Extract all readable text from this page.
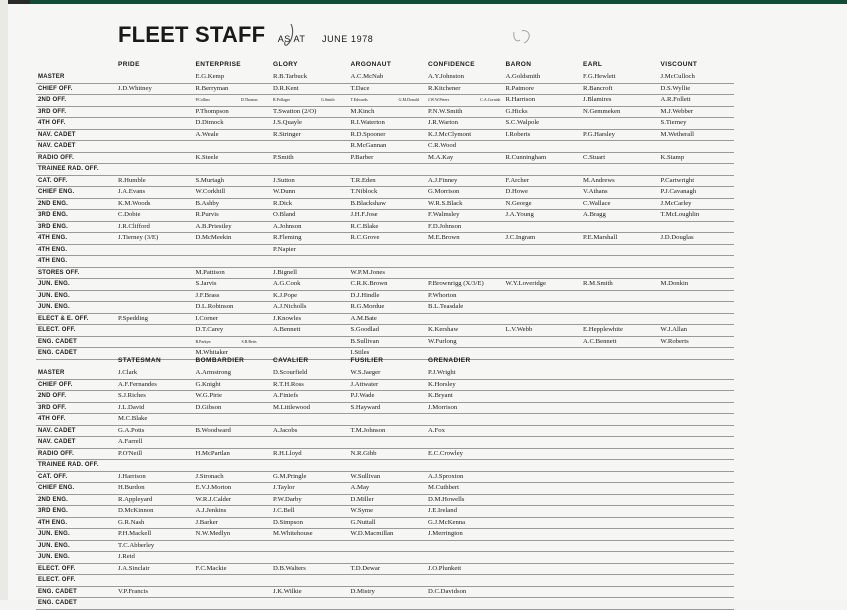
FLEET STAFF AS AT JUNE 1978
	PRIDE	ENTERPRISE	GLORY	ARGONAUT	CONFIDENCE	BARON	EARL	VISCOUNT
MASTER		E.G.Kemp	R.B.Tarbuck	A.C.McNab	A.Y.Johnston	A.Goldsmith	F.G.Hewlett	J.McCulloch
CHIEF OFF.	J.D.Whitney	R.Berryman	D.R.Kent	T.Dace	R.Kitchener	R.Patmore	R.Bancroft	D.S.Wyllie
2ND OFF.		P.Collins D.Thomas	R.Pollager G.Smith	T.Edwards G.M.Donald	J.W.W.Peters C.A.Cornish	R.Harrison	J.Blamires	A.R.Follett
3RD OFF.		P.Thompson	T.Swatton (2/O)	M.Kinch	P.N.W.Smith	G.Hicks	N.Gemmeken	M.J.Webber
4TH OFF.		D.Dimock	J.S.Quayle	R.I.Waterton	J.R.Warton	S.C.Walpole		S.Tierney
NAV. CADET		A.Weale	R.Stringer	R.D.Spooner	K.J.McClymont	I.Roberts	P.G.Harsley	M.Wetherall
NAV. CADET				R.McGannan	C.R.Wood			
RADIO OFF.		K.Steele	P.Smith	P.Barber	M.A.Kay	R.Cunningham	C.Stuart	K.Stamp
TRAINEE RAD. OFF.								
CAT. OFF.	R.Humble	S.Murtagh	J.Sutton	T.R.Eden	A.J.Finney	F.Archer	M.Andrews	P.Cartwright
CHIEF ENG.	J.A.Evans	W.Corkhill	W.Dunn	T.Niblock	G.Morrison	D.Howe	V.Athans	P.J.Cavanagh
2ND ENG.	K.M.Woods	B.Ashby	R.Dick	B.Blackshaw	W.R.S.Black	N.George	C.Wallace	J.McCarley
3RD ENG.	C.Dobie	R.Purvis	O.Bland	J.H.F.Jose	F.Walmsley	J.A.Young	A.Bragg	T.McLoughlin
3RD ENG.	J.R.Clifford	A.B.Priestley	A.Johnson	R.C.Blake	F.D.Johnson			
4TH ENG.	J.Tierney (3/E)	D.McMeekin	R.Fleming	R.C.Grove	M.E.Brown	J.C.Ingram	P.E.Marshall	J.D.Douglas
4TH ENG.			P.Napier					
4TH ENG.								
STORES OFF.		M.Pattison	J.Bignell	W.P.M.Jones				
JUN. ENG.		S.Jarvis	A.G.Cook	C.R.K.Brown	P.Brownrigg (X/3/E)	W.Y.Loveridge	R.M.Smith	M.Donkin
JUN. ENG.		J.F.Brass	K.J.Pope	D.J.Hindle	P.Whorton			
JUN. ENG.		D.L.Robinson	A.J.Nicholls	R.G.Mordue	B.L.Teasdale			
ELECT & E. OFF.	P.Spedding	I.Corner	J.Knowles	A.M.Bate				
ELECT. OFF.		D.T.Carey	A.Bennett	S.Goodlad	K.Kershaw	L.V.Webb	E.Hepplewhite	W.J.Allan
ENG. CADET		R.Parkyn S.R.Betts		B.Sullivan	W.Furlong		A.C.Bennett	W.Roberts
ENG. CADET		M.Whitaker		I.Stiles				
	STATESMAN	BOMBARDIER	CAVALIER	FUSILIER	GRENADIER			
MASTER	J.Clark	A.Armstrong	D.Scourfield	W.S.Jaeger	P.J.Wright			
CHIEF OFF.	A.F.Fernandes	G.Knight	R.T.H.Ross	J.Attwater	K.Horsley			
2ND OFF.	S.J.Riches	W.G.Pirie	A.Finiefs	P.J.Wade	K.Bryant			
3RD OFF.	J.L.David	D.Gibson	M.Littlewood	S.Hayward	J.Morrison			
4TH OFF.	M.C.Blake							
NAV. CADET	G.A.Potts	B.Woodward	A.Jacobs	T.M.Johnson	A.Fox			
NAV. CADET	A.Farrell							
RADIO OFF.	P.O'Neill	H.McPartlan	R.H.Lloyd	N.R.Gibb	E.C.Crowley			
TRAINEE RAD. OFF.								
CAT. OFF.	J.Harrison	J.Stronach	G.M.Pringle	W.Sullivan	A.J.Sproxton			
CHIEF ENG.	H.Burdon	E.V.J.Morton	J.Taylor	A.May	M.Cuthbert			
2ND ENG.	R.Appleyard	W.R.J.Calder	P.W.Darby	D.Miller	D.M.Howells			
3RD ENG.	D.McKinnon	A.J.Jenkins	J.C.Bell	W.Syme	J.E.Ireland			
4TH ENG.	G.R.Nash	J.Barker	D.Simpson	G.Nuttall	G.J.McKenna			
JUN. ENG.	P.H.Mackell	N.W.Medlyn	M.Whitehouse	W.D.Macmillan	J.Merrington			
JUN. ENG.	T.C.Abberley							
JUN. ENG.	J.Reid							
ELECT. OFF.	J.A.Sinclair	F.C.Mackie	D.B.Walters	T.D.Dewar	J.O.Plunkett			
ELECT. OFF.								
ENG. CADET	V.P.Francis		J.K.Wilkie	D.Mistry	D.C.Davidson			
ENG. CADET								
